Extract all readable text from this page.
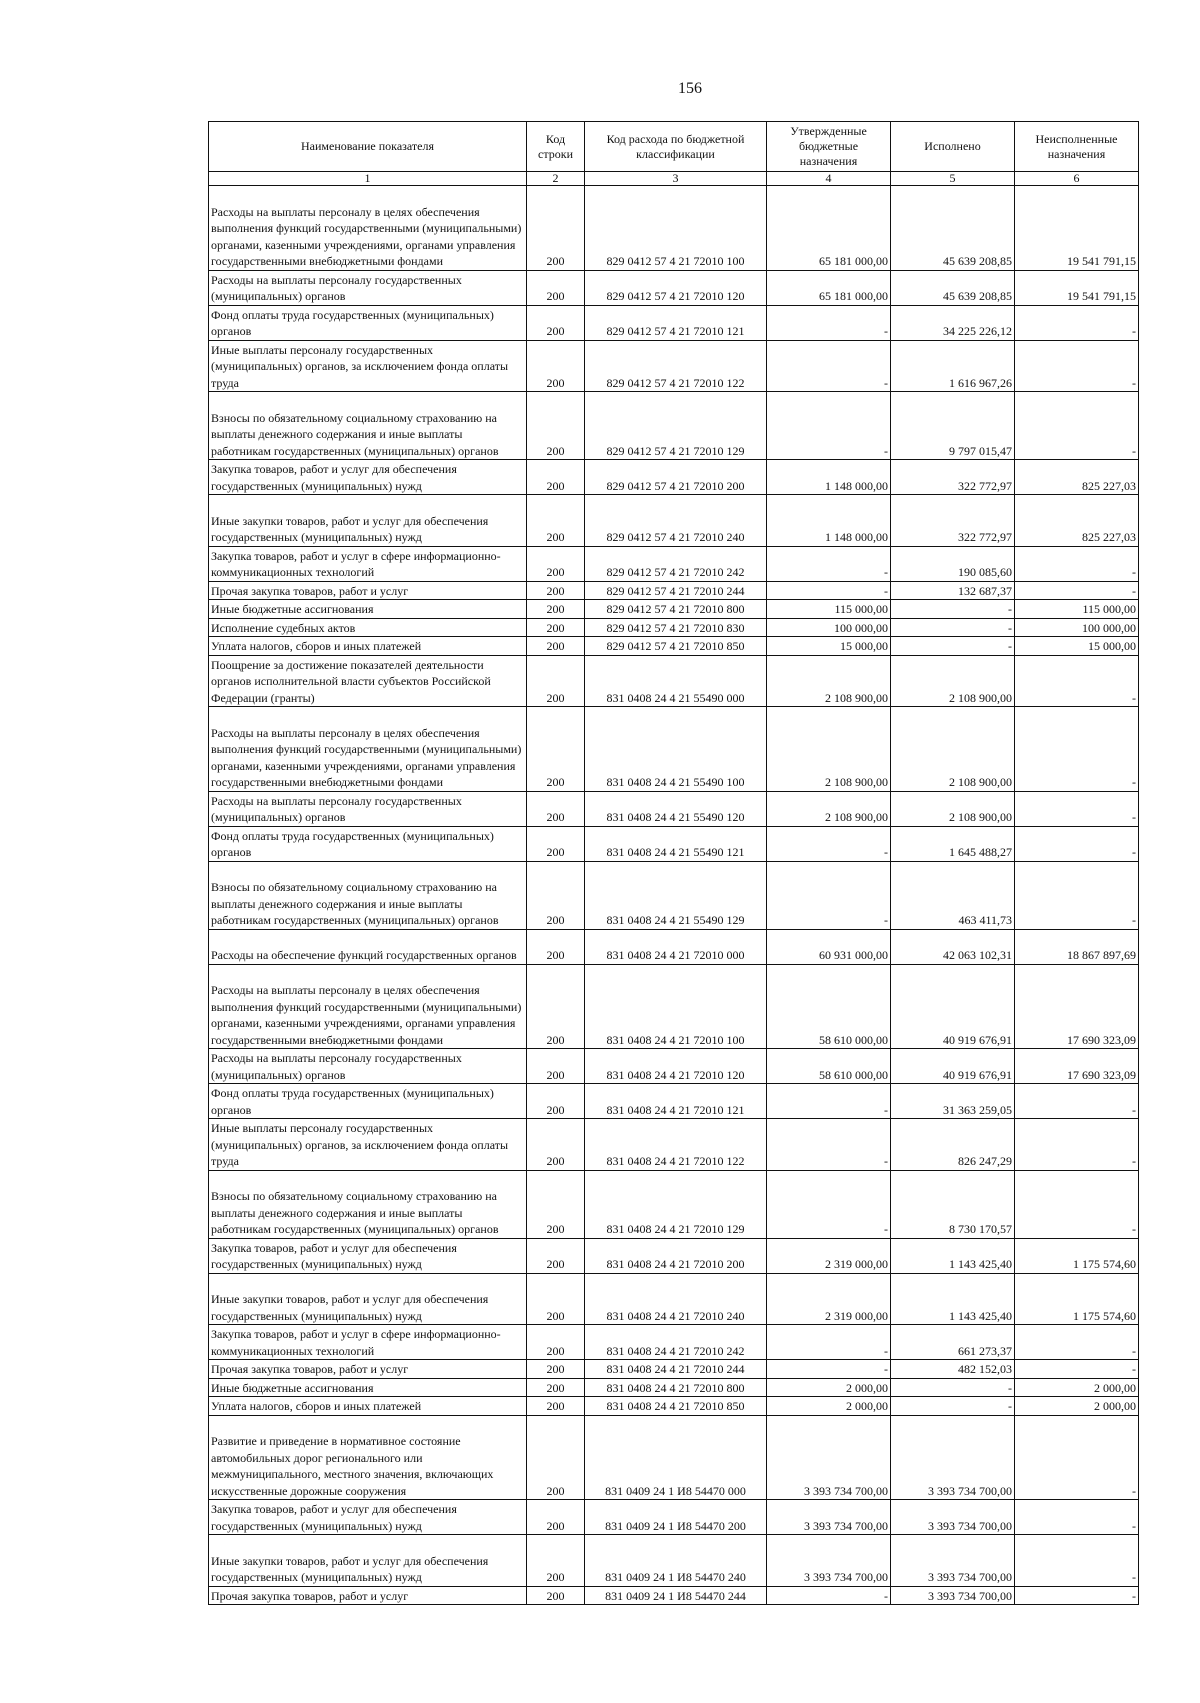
156
Наименование показателя	Код строки	Код расхода по бюджетной классификации	Утвержденные бюджетные назначения	Исполнено	Неисполненные назначения
1	2	3	4	5	6
Расходы на выплаты персоналу в целях обеспечения выполнения функций государственными (муниципальными) органами, казенными учреждениями, органами управления государственными внебюджетными фондами	200	829 0412 57 4 21 72010 100	65 181 000,00	45 639 208,85	19 541 791,15
Расходы на выплаты персоналу государственных (муниципальных) органов	200	829 0412 57 4 21 72010 120	65 181 000,00	45 639 208,85	19 541 791,15
Фонд оплаты труда государственных (муниципальных) органов	200	829 0412 57 4 21 72010 121	-	34 225 226,12	-
Иные выплаты персоналу государственных (муниципальных) органов, за исключением фонда оплаты труда	200	829 0412 57 4 21 72010 122	-	1 616 967,26	-
Взносы по обязательному социальному страхованию на выплаты денежного содержания и иные выплаты работникам государственных (муниципальных) органов	200	829 0412 57 4 21 72010 129	-	9 797 015,47	-
Закупка товаров, работ и услуг для обеспечения государственных (муниципальных) нужд	200	829 0412 57 4 21 72010 200	1 148 000,00	322 772,97	825 227,03
Иные закупки товаров, работ и услуг для обеспечения государственных (муниципальных) нужд	200	829 0412 57 4 21 72010 240	1 148 000,00	322 772,97	825 227,03
Закупка товаров, работ и услуг в сфере информационно-коммуникационных технологий	200	829 0412 57 4 21 72010 242	-	190 085,60	-
Прочая закупка товаров, работ и услуг	200	829 0412 57 4 21 72010 244	-	132 687,37	-
Иные бюджетные ассигнования	200	829 0412 57 4 21 72010 800	115 000,00	-	115 000,00
Исполнение судебных актов	200	829 0412 57 4 21 72010 830	100 000,00	-	100 000,00
Уплата налогов, сборов и иных платежей	200	829 0412 57 4 21 72010 850	15 000,00	-	15 000,00
Поощрение за достижение показателей деятельности органов исполнительной власти субъектов Российской Федерации (гранты)	200	831 0408 24 4 21 55490 000	2 108 900,00	2 108 900,00	-
Расходы на выплаты персоналу в целях обеспечения выполнения функций государственными (муниципальными) органами, казенными учреждениями, органами управления государственными внебюджетными фондами	200	831 0408 24 4 21 55490 100	2 108 900,00	2 108 900,00	-
Расходы на выплаты персоналу государственных (муниципальных) органов	200	831 0408 24 4 21 55490 120	2 108 900,00	2 108 900,00	-
Фонд оплаты труда государственных (муниципальных) органов	200	831 0408 24 4 21 55490 121	-	1 645 488,27	-
Взносы по обязательному социальному страхованию на выплаты денежного содержания и иные выплаты работникам государственных (муниципальных) органов	200	831 0408 24 4 21 55490 129	-	463 411,73	-
Расходы на обеспечение функций государственных органов	200	831 0408 24 4 21 72010 000	60 931 000,00	42 063 102,31	18 867 897,69
Расходы на выплаты персоналу в целях обеспечения выполнения функций государственными (муниципальными) органами, казенными учреждениями, органами управления государственными внебюджетными фондами	200	831 0408 24 4 21 72010 100	58 610 000,00	40 919 676,91	17 690 323,09
Расходы на выплаты персоналу государственных (муниципальных) органов	200	831 0408 24 4 21 72010 120	58 610 000,00	40 919 676,91	17 690 323,09
Фонд оплаты труда государственных (муниципальных) органов	200	831 0408 24 4 21 72010 121	-	31 363 259,05	-
Иные выплаты персоналу государственных (муниципальных) органов, за исключением фонда оплаты труда	200	831 0408 24 4 21 72010 122	-	826 247,29	-
Взносы по обязательному социальному страхованию на выплаты денежного содержания и иные выплаты работникам государственных (муниципальных) органов	200	831 0408 24 4 21 72010 129	-	8 730 170,57	-
Закупка товаров, работ и услуг для обеспечения государственных (муниципальных) нужд	200	831 0408 24 4 21 72010 200	2 319 000,00	1 143 425,40	1 175 574,60
Иные закупки товаров, работ и услуг для обеспечения государственных (муниципальных) нужд	200	831 0408 24 4 21 72010 240	2 319 000,00	1 143 425,40	1 175 574,60
Закупка товаров, работ и услуг в сфере информационно-коммуникационных технологий	200	831 0408 24 4 21 72010 242	-	661 273,37	-
Прочая закупка товаров, работ и услуг	200	831 0408 24 4 21 72010 244	-	482 152,03	-
Иные бюджетные ассигнования	200	831 0408 24 4 21 72010 800	2 000,00	-	2 000,00
Уплата налогов, сборов и иных платежей	200	831 0408 24 4 21 72010 850	2 000,00	-	2 000,00
Развитие и приведение в нормативное состояние автомобильных дорог регионального или межмуниципального, местного значения, включающих искусственные дорожные сооружения	200	831 0409 24 1 И8 54470 000	3 393 734 700,00	3 393 734 700,00	-
Закупка товаров, работ и услуг для обеспечения государственных (муниципальных) нужд	200	831 0409 24 1 И8 54470 200	3 393 734 700,00	3 393 734 700,00	-
Иные закупки товаров, работ и услуг для обеспечения государственных (муниципальных) нужд	200	831 0409 24 1 И8 54470 240	3 393 734 700,00	3 393 734 700,00	-
Прочая закупка товаров, работ и услуг	200	831 0409 24 1 И8 54470 244	-	3 393 734 700,00	-
